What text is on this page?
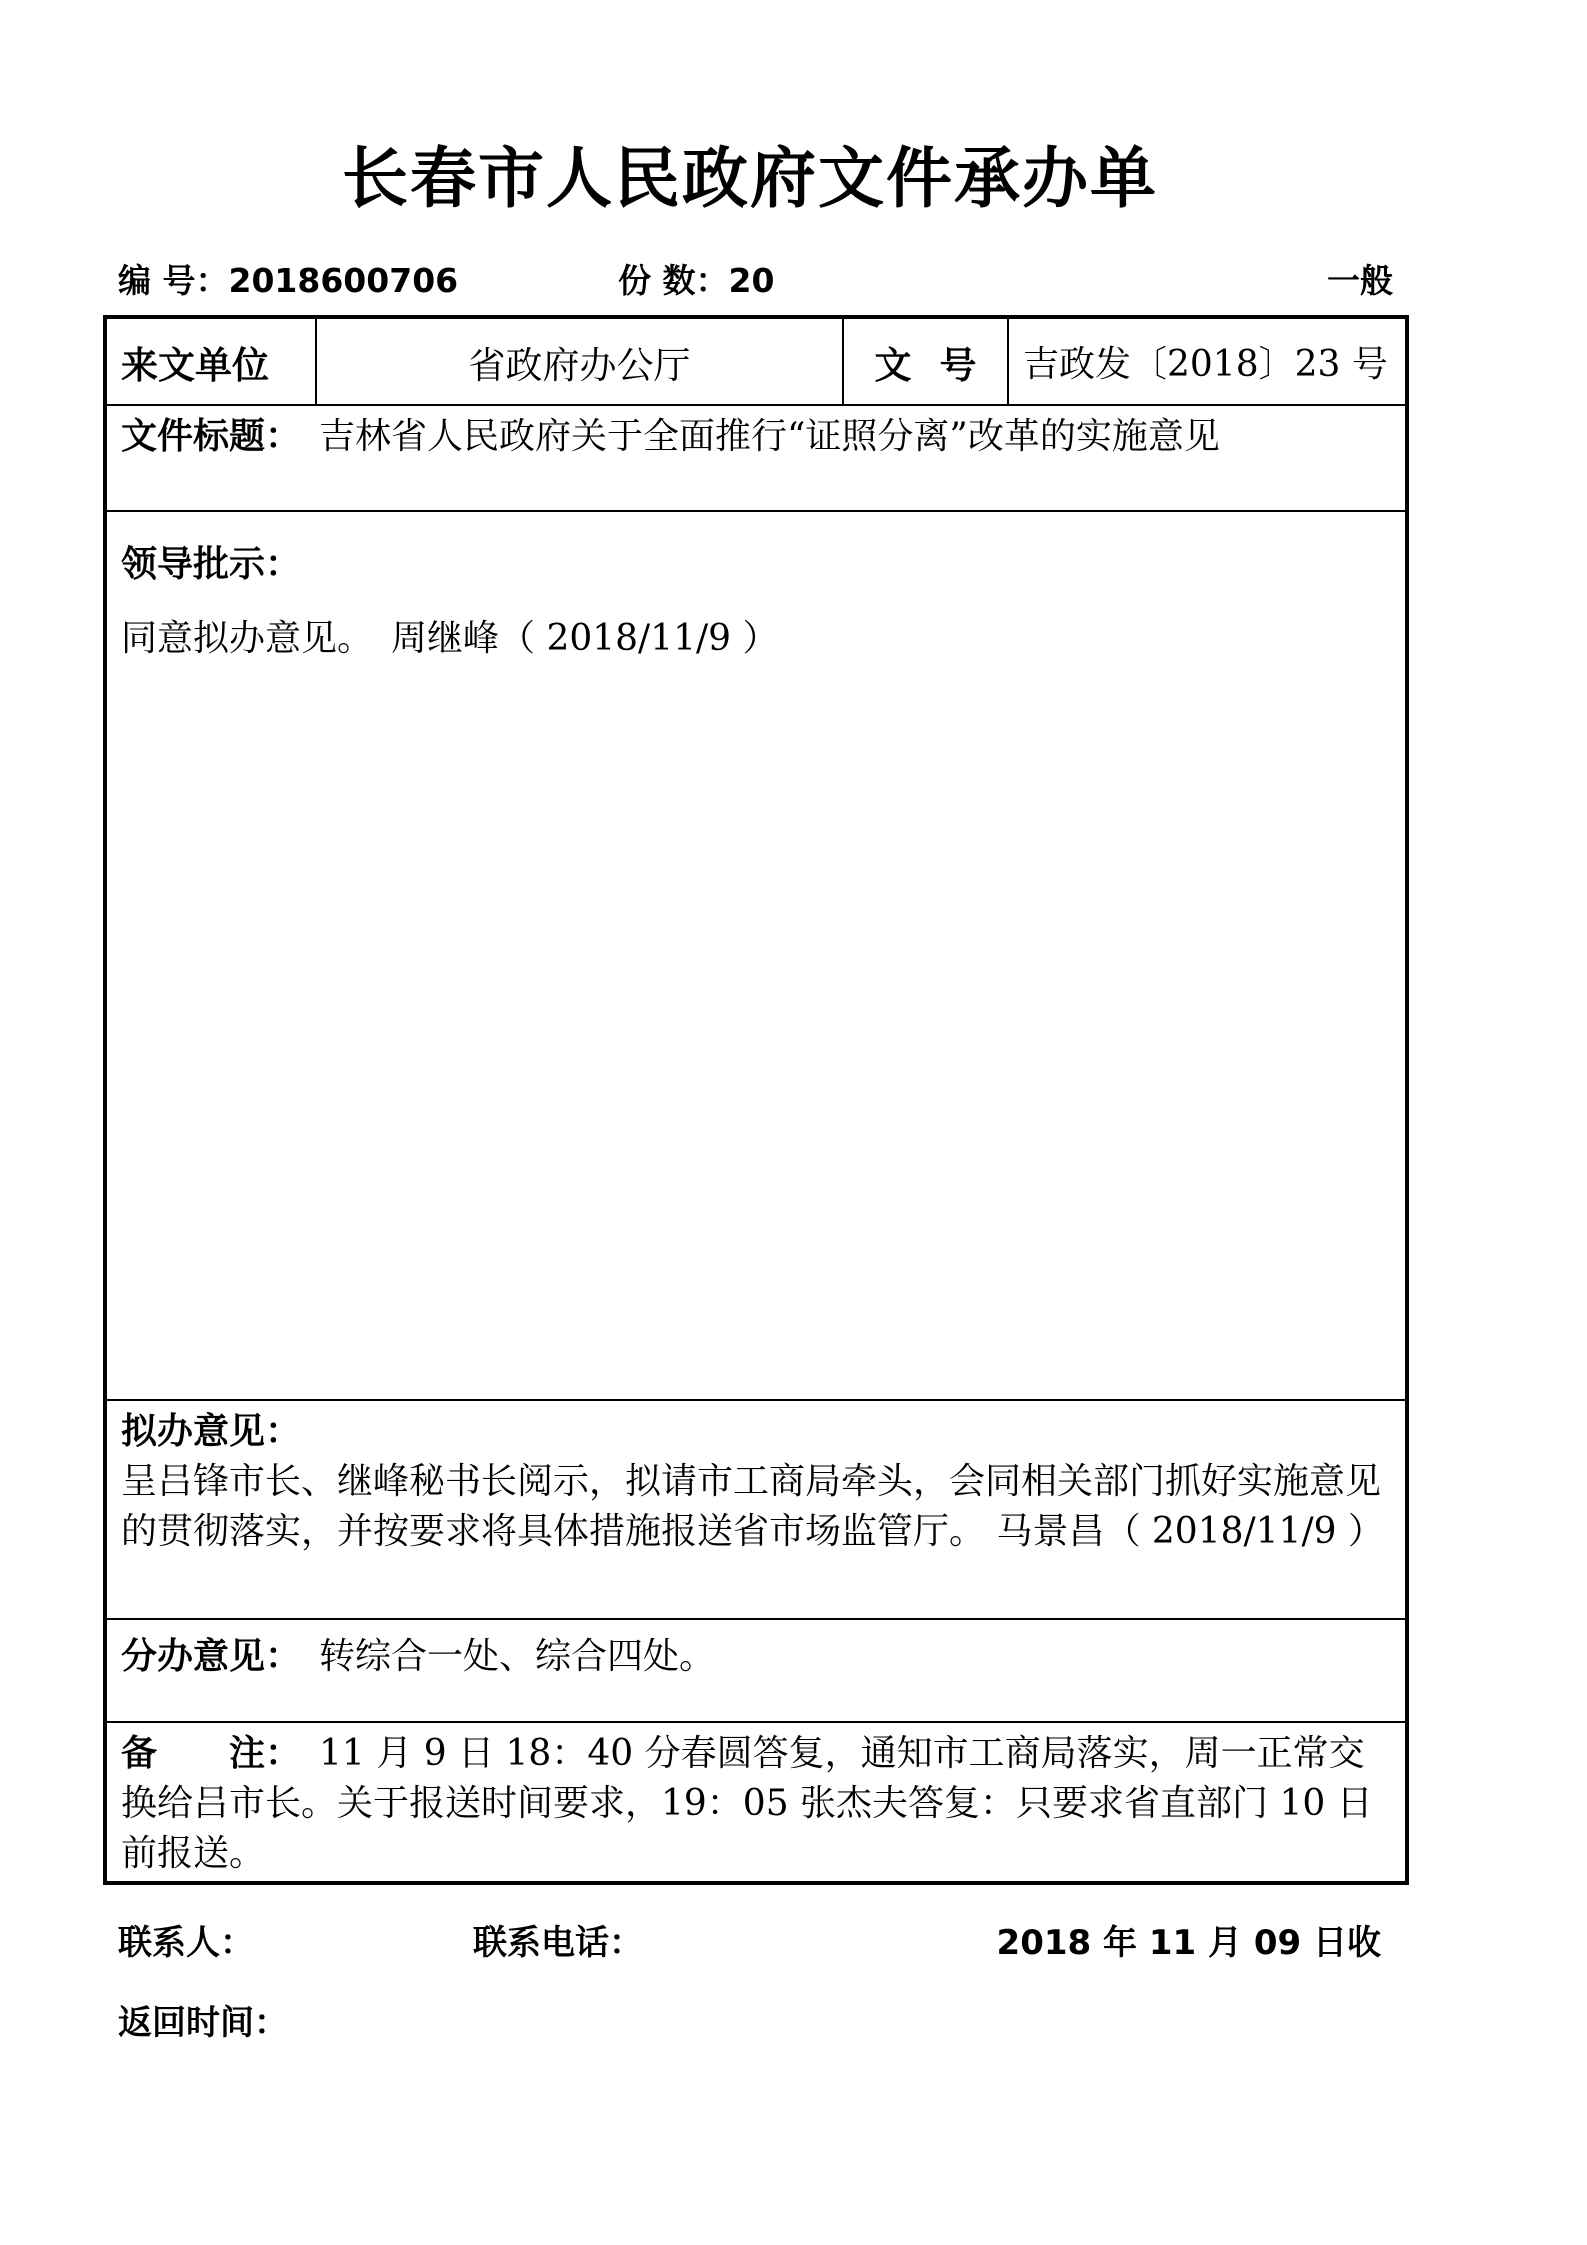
长春市人民政府文件承办单
编 号：2018600706	份 数：20	一般
来文单位	省政府办公厅	文号 吉政发〔2018〕23 号
文件标题：　 吉林省人民政府关于全面推行“证照分离”改革的实施意见
领导批示：
同意拟办意见。　周继峰（ 2018/11/9 ）
拟办意见：
呈吕锋市长、继峰秘书长阅示，拟请市工商局牵头，会同相关部门抓好实施意见的贯彻落实，并按要求将具体措施报送省市场监管厅。 马景昌（ 2018/11/9 ）
分办意见：　 转综合一处、综合四处。
备　　注：　 11 月 9 日 18：40 分春圆答复，通知市工商局落实，周一正常交换给吕市长。关于报送时间要求，19：05 张杰夫答复：只要求省直部门 10 日前报送。
联系人：	联系电话：	2018 年 11 月 09 日收
返回时间：
